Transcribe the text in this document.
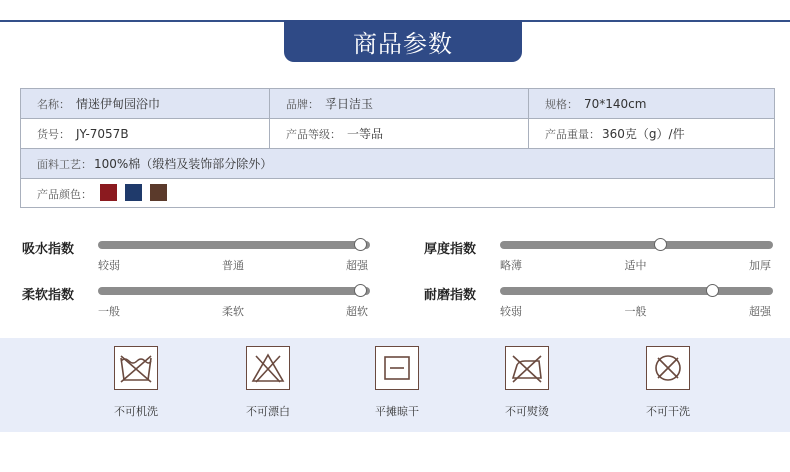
商品参数
名称： 情迷伊甸园浴巾	品牌： 孚日洁玉	规格： 70*140cm
货号： JY-7057B	产品等级： 一等品	产品重量： 360克（g）/件
面料工艺： 100%棉（缎档及装饰部分除外）
产品颜色：
吸水指数
较弱	普通	超强
厚度指数
略薄	适中	加厚
柔软指数
一般	柔软	超软
耐磨指数
较弱	一般	超强
不可机洗	不可漂白	平摊晾干	不可熨烫	不可干洗
